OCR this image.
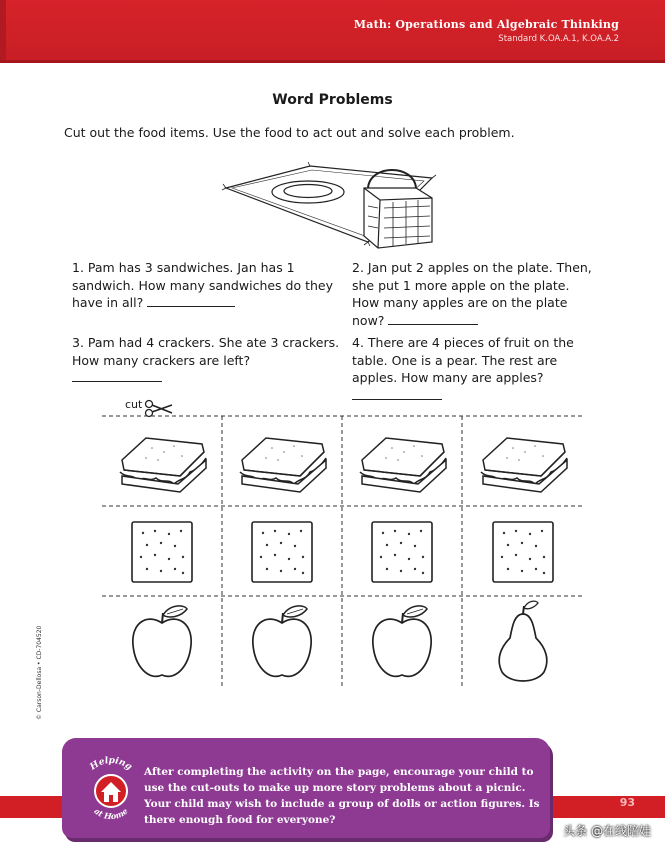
Math: Operations and Algebraic Thinking
Standard K.OA.A.1, K.OA.A.2
Word Problems
Cut out the food items. Use the food to act out and solve each problem.
1. Pam has 3 sandwiches. Jan has 1 sandwich. How many sandwiches do they have in all?
2. Jan put 2 apples on the plate. Then, she put 1 more apple on the plate. How many apples are on the plate now?
3. Pam had 4 crackers. She ate 3 crackers. How many crackers are left?
4. There are 4 pieces of fruit on the table. One is a pear. The rest are apples. How many are apples?
cut
© Carson-Dellosa • CD-704520
93
Helping
at Home
After completing the activity on the page, encourage your child to use the cut-outs to make up more story problems about a picnic. Your child may wish to include a group of dolls or action figures. Is there enough food for everyone?
头条 @在线陪娃
